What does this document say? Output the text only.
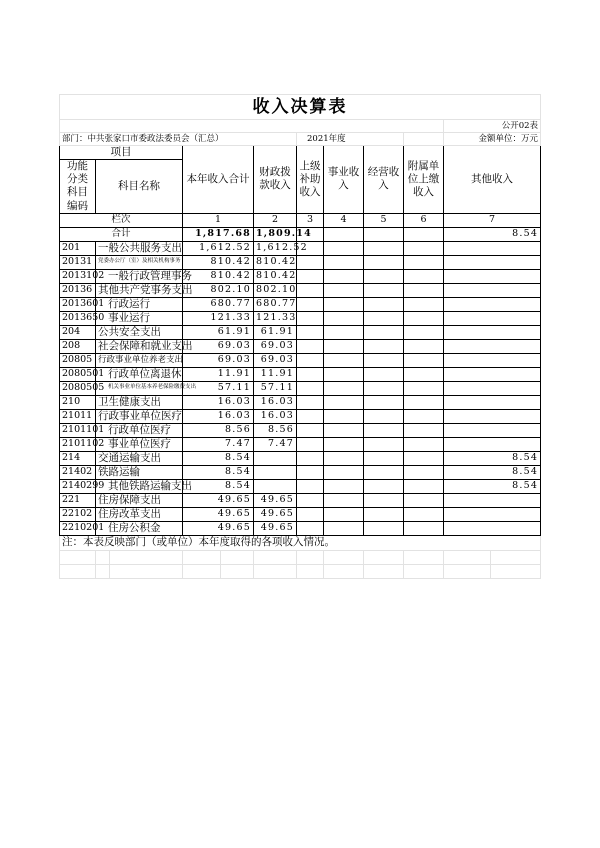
收入决算表											
										公开02表	
部门：中共张家口市委政法委员会（汇总）						2021年度				金额单位：万元	
项目			本年收入合计		财政拨款收入	上级补助收入	事业收入	经营收入	附属单位上缴收入	其他收入	
功能分类科目编码	科目名称										

栏次			1		2	3	4	5	6	7	
合计			1,817.68		1,809.14					8.54	
201	一般公共服务支出		1,612.52		1,612.52						
20131	党委办公厅（室）及相关机构事务		810.42		810.42						
2013102	一般行政管理事务		810.42		810.42						
20136	其他共产党事务支出		802.10		802.10						
2013601	行政运行		680.77		680.77						
2013650	事业运行		121.33		121.33						
204	公共安全支出		61.91		61.91						
208	社会保障和就业支出		69.03		69.03						
20805	行政事业单位养老支出		69.03		69.03						
2080501	行政单位离退休		11.91		11.91						
2080505	机关事业单位基本养老保险缴费支出		57.11		57.11						
210	卫生健康支出		16.03		16.03						
21011	行政事业单位医疗		16.03		16.03						
2101101	行政单位医疗		8.56		8.56						
2101102	事业单位医疗		7.47		7.47						
214	交通运输支出		8.54							8.54	
21402	铁路运输		8.54							8.54	
2140299	其他铁路运输支出		8.54							8.54	
221	住房保障支出		49.65		49.65						
22102	住房改革支出		49.65		49.65						
2210201	住房公积金		49.65		49.65						
注：本表反映部门（或单位）本年度取得的各项收入情况。											
